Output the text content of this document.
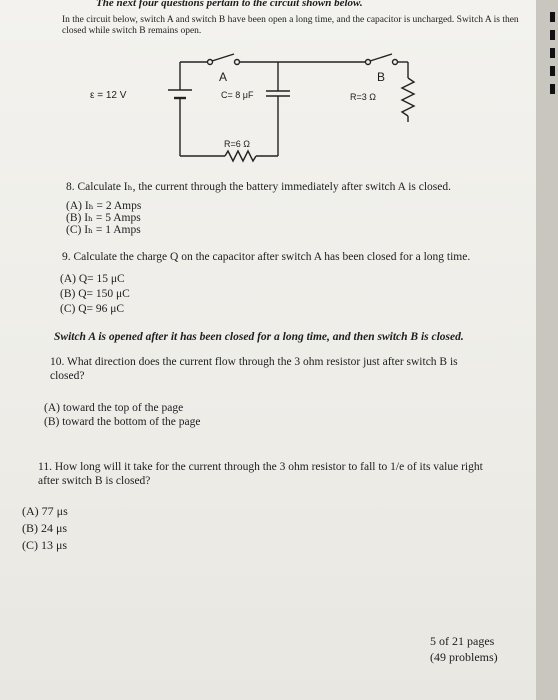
The next four questions pertain to the circuit shown below.
In the circuit below, switch A and switch B have been open a long time, and the capacitor is uncharged. Switch A is then closed while switch B remains open.
A	B
ε = 12 V	C= 8 μF	R=3 Ω
R=6 Ω
8. Calculate Iₕ, the current through the battery immediately after switch A is closed.
(A) Iₕ = 2 Amps
(B) Iₕ = 5 Amps
(C) Iₕ = 1 Amps
9. Calculate the charge Q on the capacitor after switch A has been closed for a long time.
(A) Q= 15 μC
(B) Q= 150 μC
(C) Q= 96 μC
Switch A is opened after it has been closed for a long time, and then switch B is closed.
10. What direction does the current flow through the 3 ohm resistor just after switch B is closed?
(A) toward the top of the page
(B) toward the bottom of the page
11. How long will it take for the current through the 3 ohm resistor to fall to 1/e of its value right after switch B is closed?
(A) 77 μs
(B) 24 μs
(C) 13 μs
5 of 21 pages
(49 problems)
